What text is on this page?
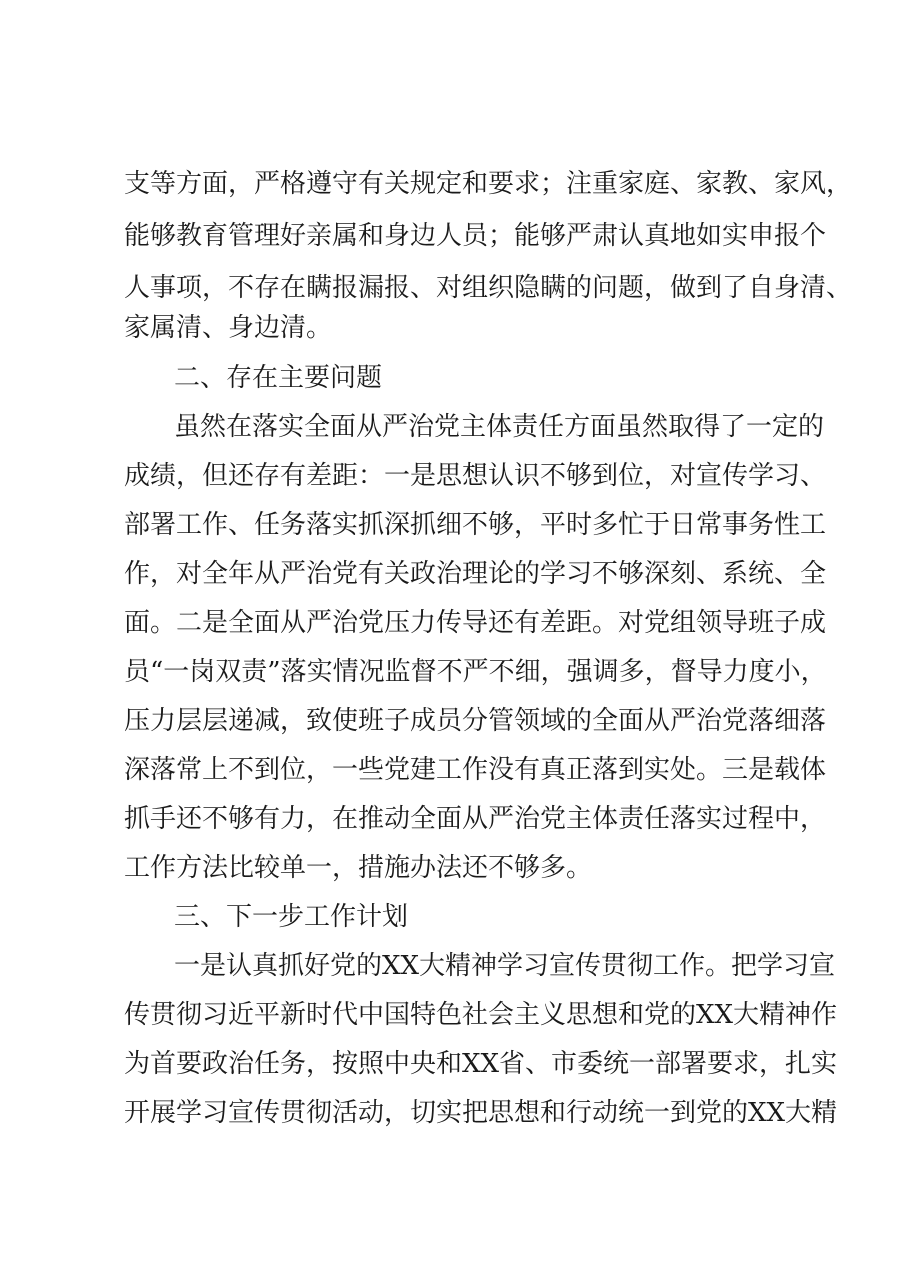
支等方面，严格遵守有关规定和要求；注重家庭、家教、家风，
能够教育管理好亲属和身边人员；能够严肃认真地如实申报个
人事项，不存在瞒报漏报、对组织隐瞒的问题，做到了自身清、
家属清、身边清。
二、存在主要问题
虽然在落实全面从严治党主体责任方面虽然取得了一定的
成绩，但还存有差距：一是思想认识不够到位，对宣传学习、
部署工作、任务落实抓深抓细不够，平时多忙于日常事务性工
作，对全年从严治党有关政治理论的学习不够深刻、系统、全
面。二是全面从严治党压力传导还有差距。对党组领导班子成
员“一岗双责”落实情况监督不严不细，强调多，督导力度小，
压力层层递减，致使班子成员分管领域的全面从严治党落细落
深落常上不到位，一些党建工作没有真正落到实处。三是载体
抓手还不够有力，在推动全面从严治党主体责任落实过程中，
工作方法比较单一，措施办法还不够多。
三、下一步工作计划
一是认真抓好党的XX大精神学习宣传贯彻工作。把学习宣
传贯彻习近平新时代中国特色社会主义思想和党的XX大精神作
为首要政治任务，按照中央和XX省、市委统一部署要求，扎实
开展学习宣传贯彻活动，切实把思想和行动统一到党的XX大精
